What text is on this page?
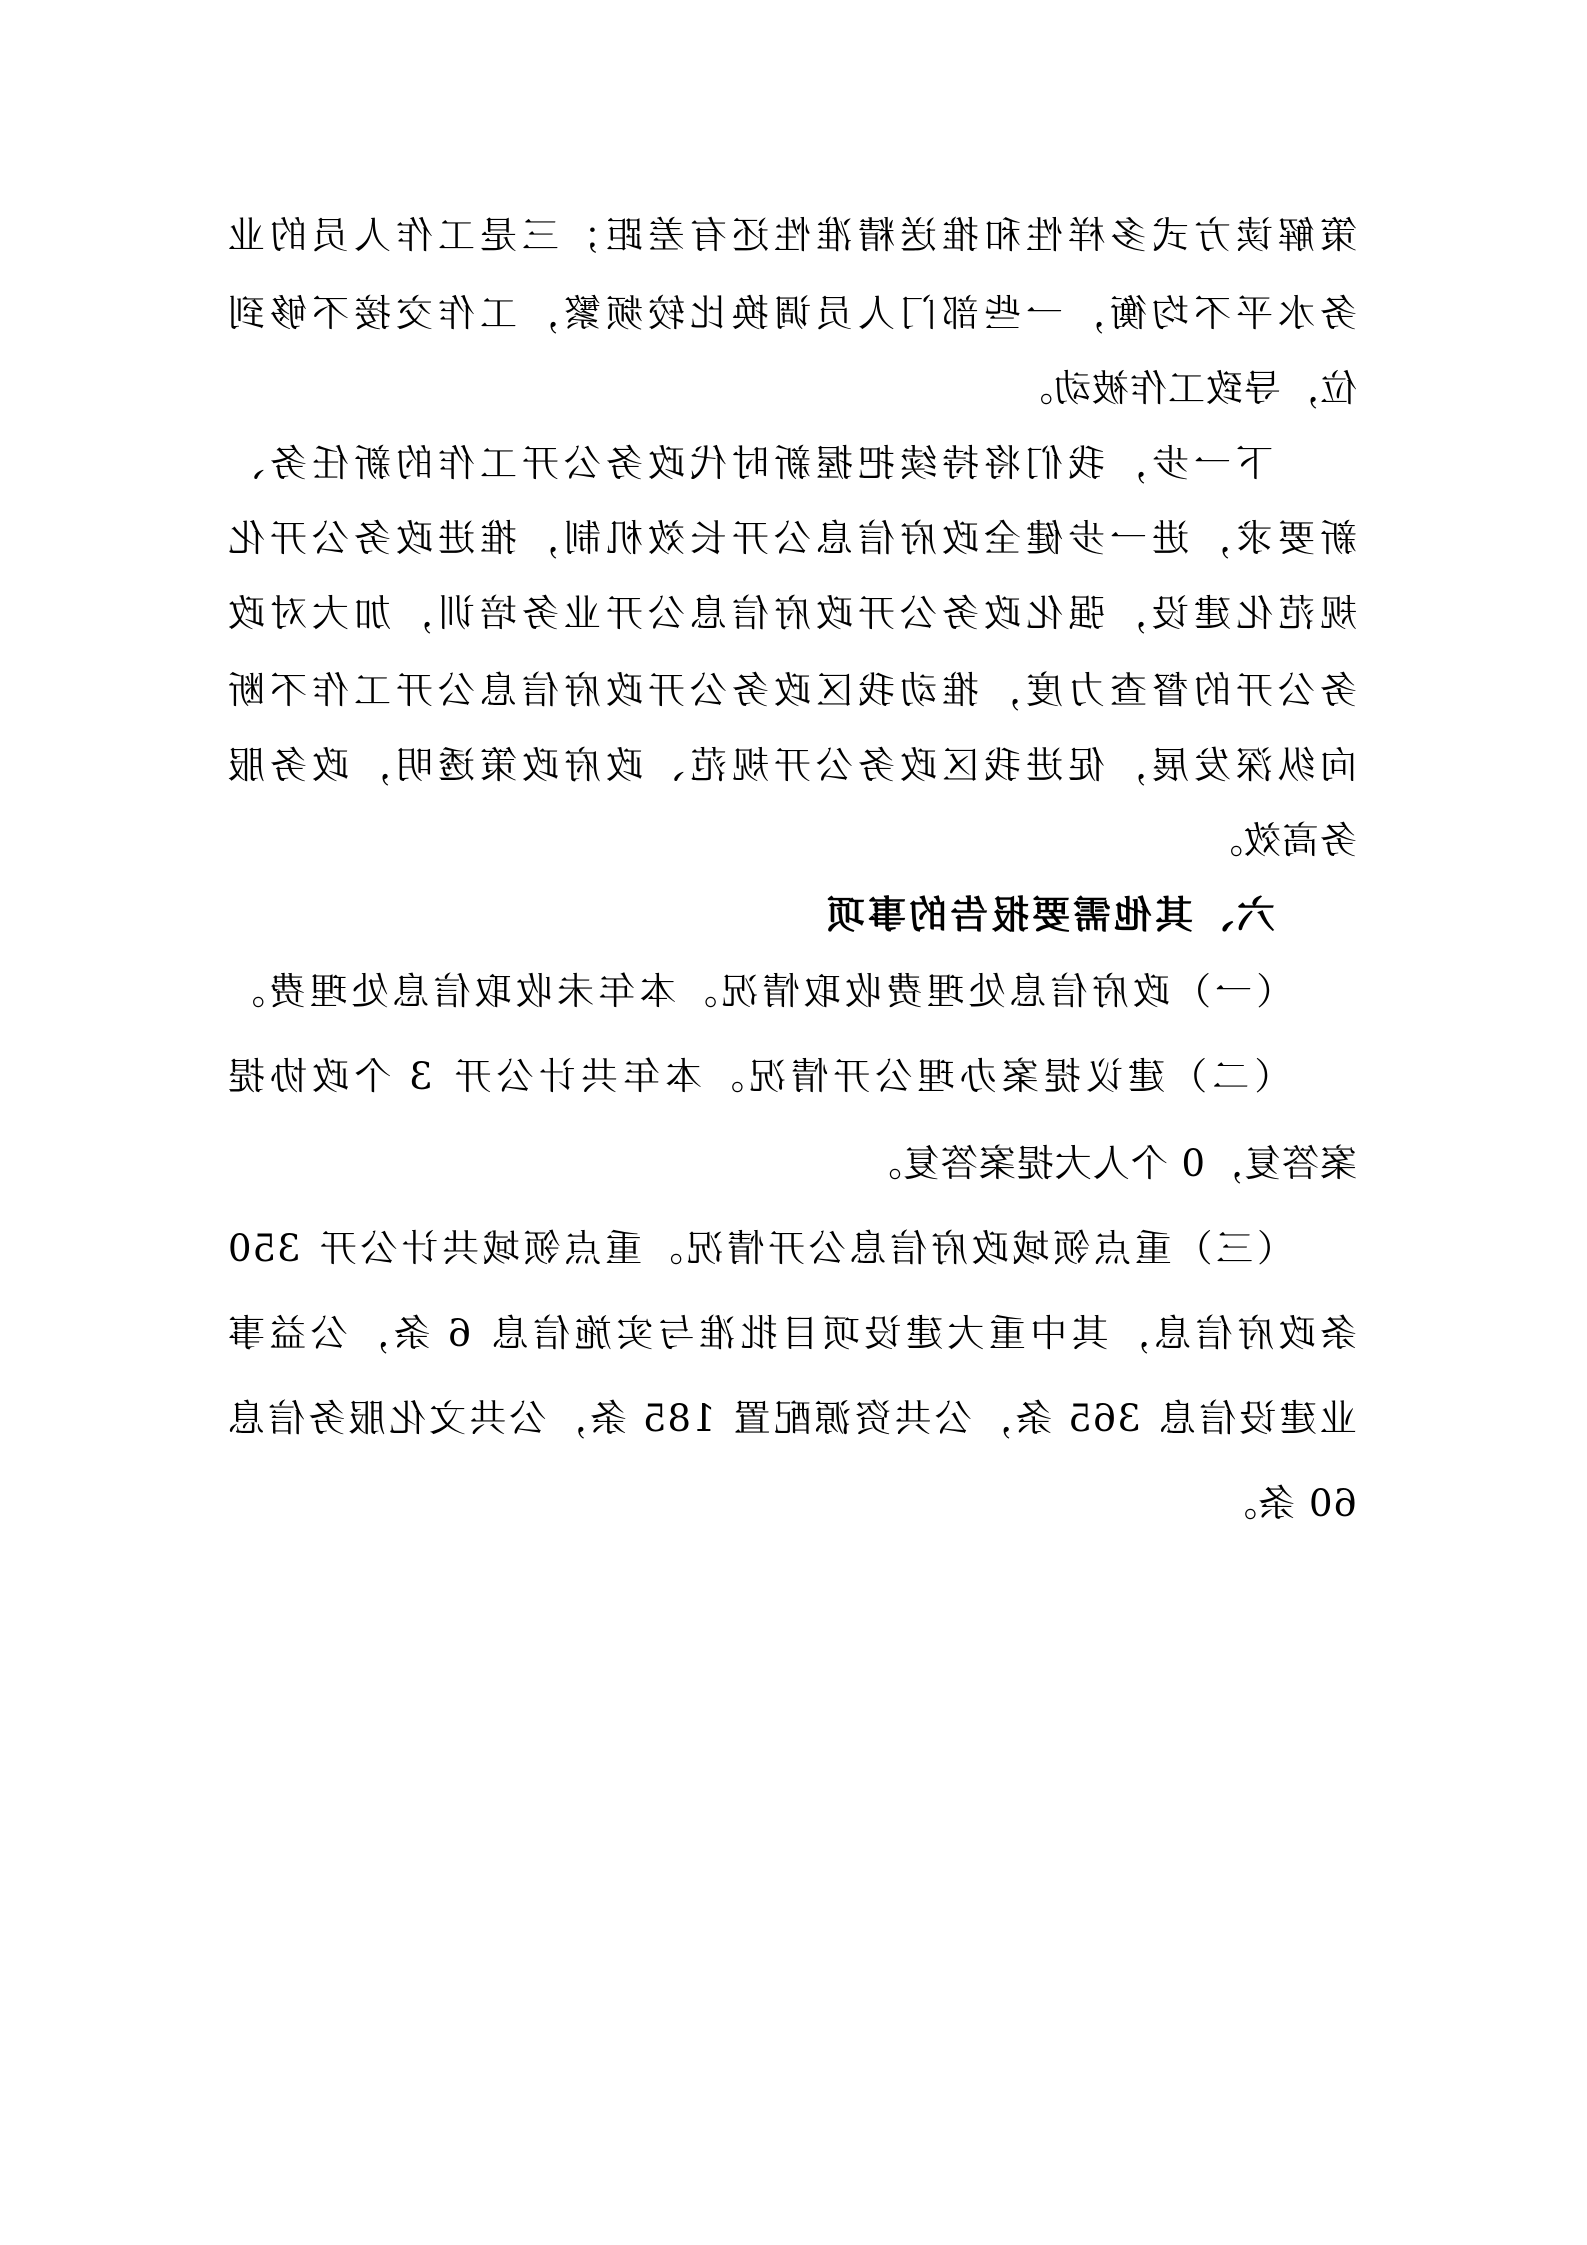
策解读方式多样性和推送精准性还有差距；三是工作人员的业
务水平不均衡，一些部门人员调换比较频繁，工作交接不够到
位，导致工作被动。
　　下一步，我们将持续把握新时代政务公开工作的新任务、
新要求，进一步健全政府信息公开长效机制，推进政务公开化
规范化建设，强化政务公开政府信息公开业务培训，加大对政
务公开的督查力度，推动我区政务公开政府信息公开工作不断
向纵深发展，促进我区政务公开规范、政府政策透明，政务服
务高效。
　　六、其他需要报告的事项
　　（一）政府信息处理费收取情况。本年未收取信息处理费。
　　（二）建议提案办理公开情况。本年共计公开 3 个政协提
案答复，0 个人大提案答复。
　　（三）重点领域政府信息公开情况。重点领域共计公开 350
条政府信息，其中重大建设项目批准与实施信息 6 条，公益事
业建设信息 365 条，公共资源配置 185 条，公共文化服务信息
60 条。
